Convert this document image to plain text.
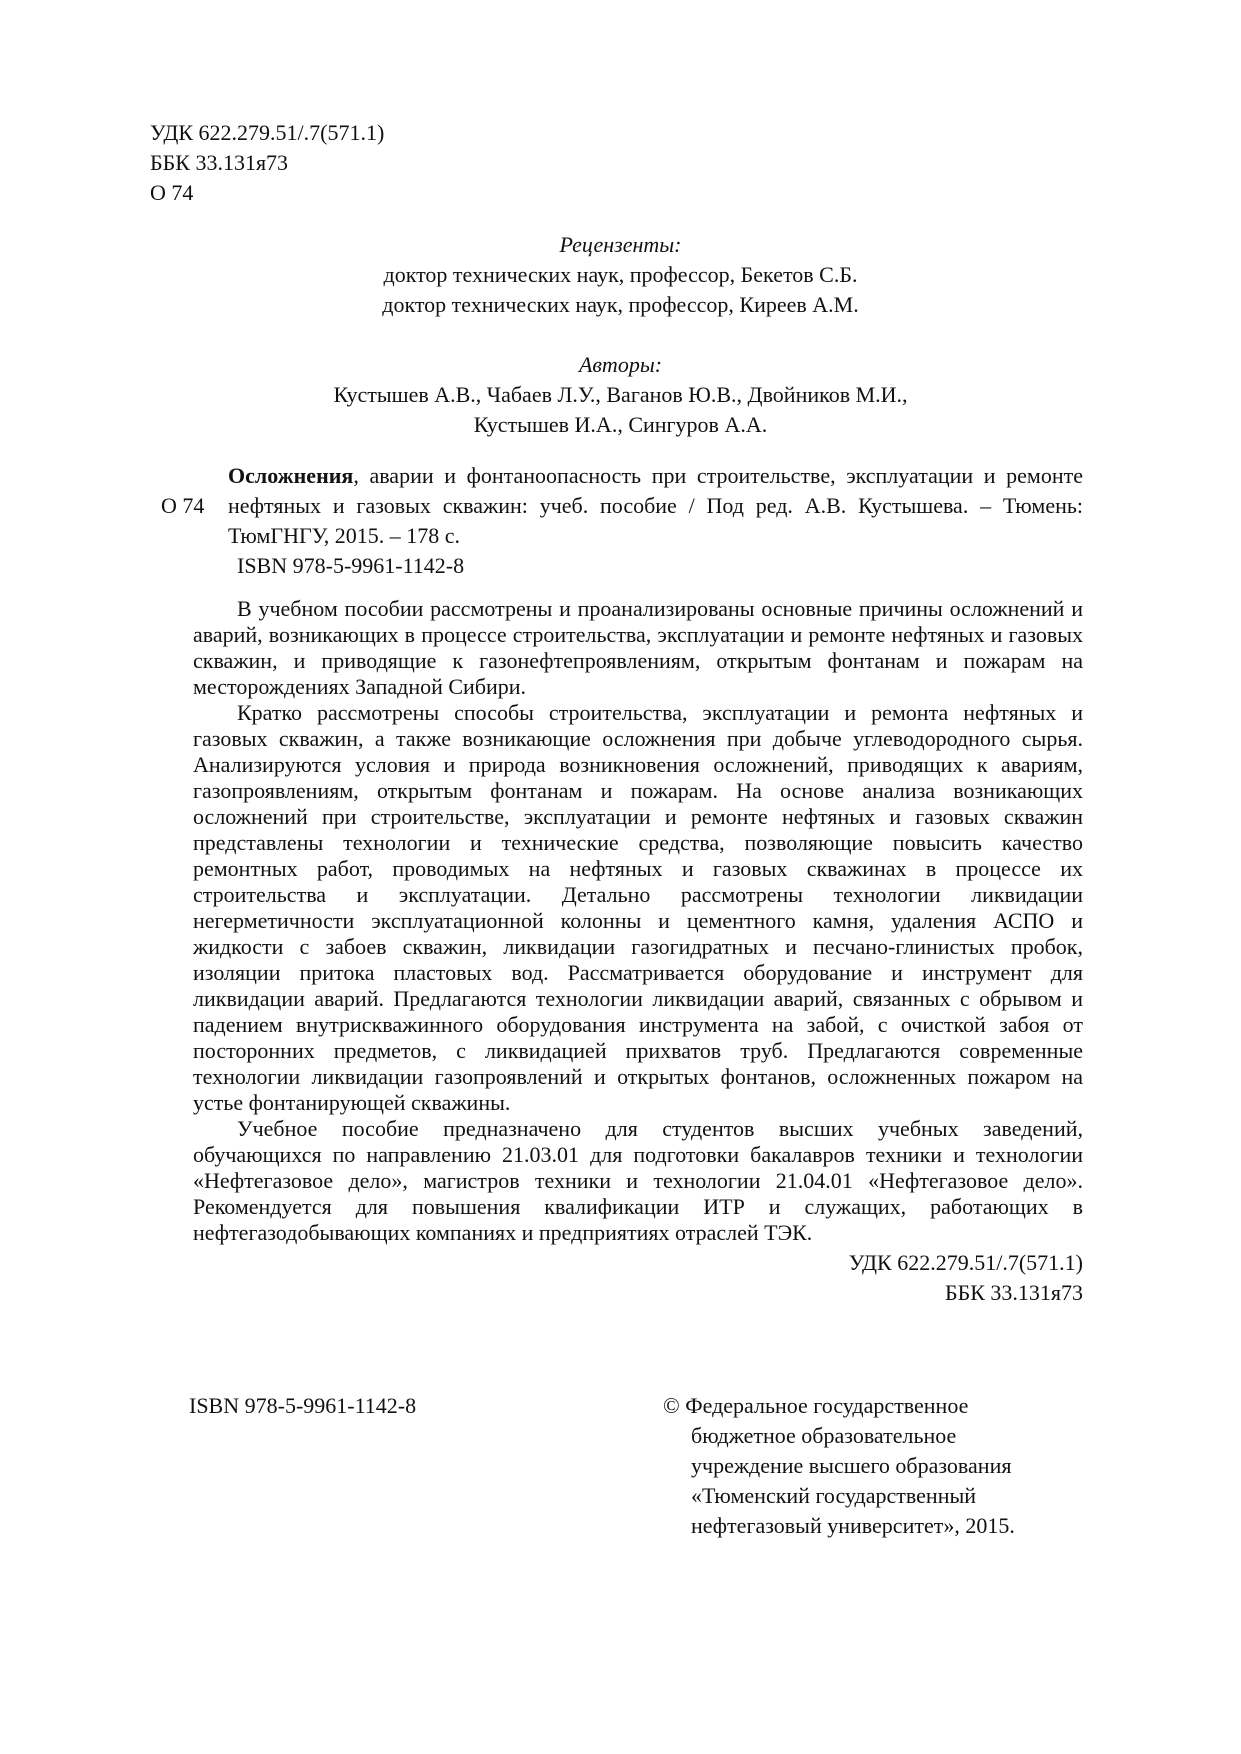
УДК 622.279.51/.7(571.1)
ББК 33.131я73
О 74
Рецензенты:
доктор технических наук, профессор, Бекетов С.Б.
доктор технических наук, профессор, Киреев А.М.
Авторы:
Кустышев А.В., Чабаев Л.У., Ваганов Ю.В., Двойников М.И.,
Кустышев И.А., Сингуров А.А.
О 74
Осложнения, аварии и фонтаноопасность при строительстве, эксплуатации и ремонте нефтяных и газовых скважин: учеб. пособие / Под ред. А.В. Кустышева. – Тюмень: ТюмГНГУ, 2015. – 178 с.
ISBN 978-5-9961-1142-8

В учебном пособии рассмотрены и проанализированы основные причины осложнений и аварий, возникающих в процессе строительства, эксплуатации и ремонте нефтяных и газовых скважин, и приводящие к газонефтепроявлениям, открытым фонтанам и пожарам на месторождениях Западной Сибири.

Кратко рассмотрены способы строительства, эксплуатации и ремонта нефтяных и газовых скважин, а также возникающие осложнения при добыче углеводородного сырья. Анализируются условия и природа возникновения осложнений, приводящих к авариям, газопроявлениям, открытым фонтанам и пожарам. На основе анализа возникающих осложнений при строительстве, эксплуатации и ремонте нефтяных и газовых скважин представлены технологии и технические средства, позволяющие повысить качество ремонтных работ, проводимых на нефтяных и газовых скважинах в процессе их строительства и эксплуатации. Детально рассмотрены технологии ликвидации негерметичности эксплуатационной колонны и цементного камня, удаления АСПО и жидкости с забоев скважин, ликвидации газогидратных и песчано-глинистых пробок, изоляции притока пластовых вод. Рассматривается оборудование и инструмент для ликвидации аварий. Предлагаются технологии ликвидации аварий, связанных с обрывом и падением внутрискважинного оборудования инструмента на забой, с очисткой забоя от посторонних предметов, с ликвидацией прихватов труб. Предлагаются современные технологии ликвидации газопроявлений и открытых фонтанов, осложненных пожаром на устье фонтанирующей скважины.

Учебное пособие предназначено для студентов высших учебных заведений, обучающихся по направлению 21.03.01 для подготовки бакалавров техники и технологии «Нефтегазовое дело», магистров техники и технологии 21.04.01 «Нефтегазовое дело». Рекомендуется для повышения квалификации ИТР и служащих, работающих в нефтегазодобывающих компаниях и предприятиях отраслей ТЭК.

УДК 622.279.51/.7(571.1)
ББК 33.131я73
ISBN 978-5-9961-1142-8	© Федеральное государственное
бюджетное образовательное
учреждение высшего образования
«Тюменский государственный
нефтегазовый университет», 2015.
